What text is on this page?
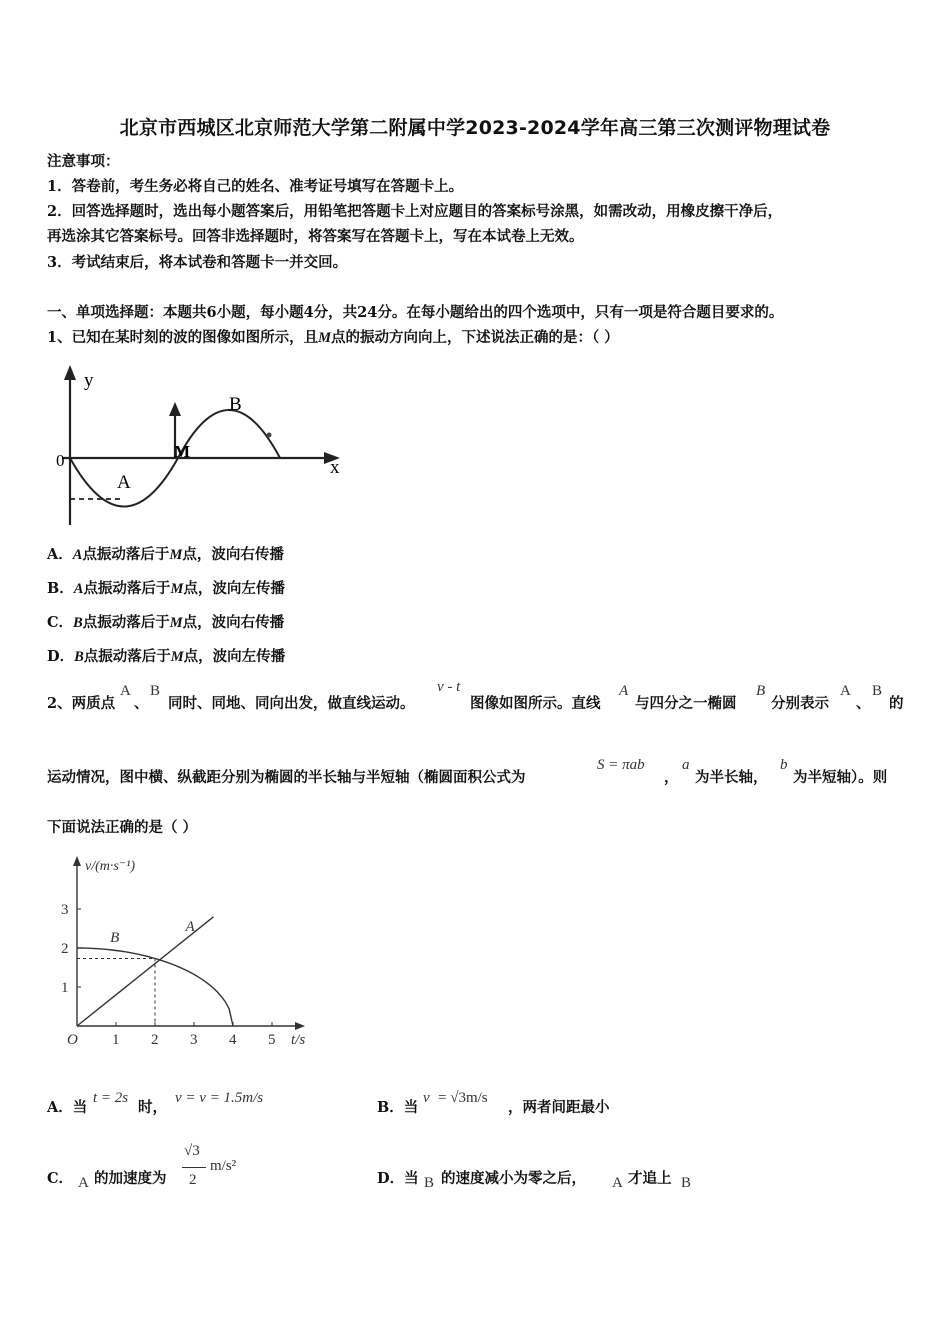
北京市西城区北京师范大学第二附属中学2023-2024学年高三第三次测评物理试卷
注意事项：
1．答卷前，考生务必将自己的姓名、准考证号填写在答题卡上。
2．回答选择题时，选出每小题答案后，用铅笔把答题卡上对应题目的答案标号涂黑，如需改动，用橡皮擦干净后，
再选涂其它答案标号。回答非选择题时，将答案写在答题卡上，写在本试卷上无效。
3．考试结束后，将本试卷和答题卡一并交回。
一、单项选择题：本题共6小题，每小题4分，共24分。在每小题给出的四个选项中，只有一项是符合题目要求的。
1、已知在某时刻的波的图像如图所示，且M点的振动方向向上，下述说法正确的是：（ ）
y
x
0
A
B
M
A．A点振动落后于M点，波向右传播
B．A点振动落后于M点，波向左传播
C．B点振动落后于M点，波向右传播
D．B点振动落后于M点，波向左传播
2、两质点
A
、
B
同时、同地、同向出发，做直线运动。
v - t
图像如图所示。直线
A
与四分之一椭圆
B
分别表示
A
、
B
的
运动情况，图中横、纵截距分别为椭圆的半长轴与半短轴（椭圆面积公式为
S = πab
，
a
为半长轴，
b
为半短轴）。则
下面说法正确的是（ ）
v/(m·s⁻¹)
t/s
O 1 2 3 4 5
1
2
3
A
B
A．当
t = 2s
时，
v = v = 1.5m/s
B．当
v = √3m/s
，两者间距最小
C． A 的加速度为
√3
2
m/s²
D．当 B 的速度减小为零之后， A 才追上 B
